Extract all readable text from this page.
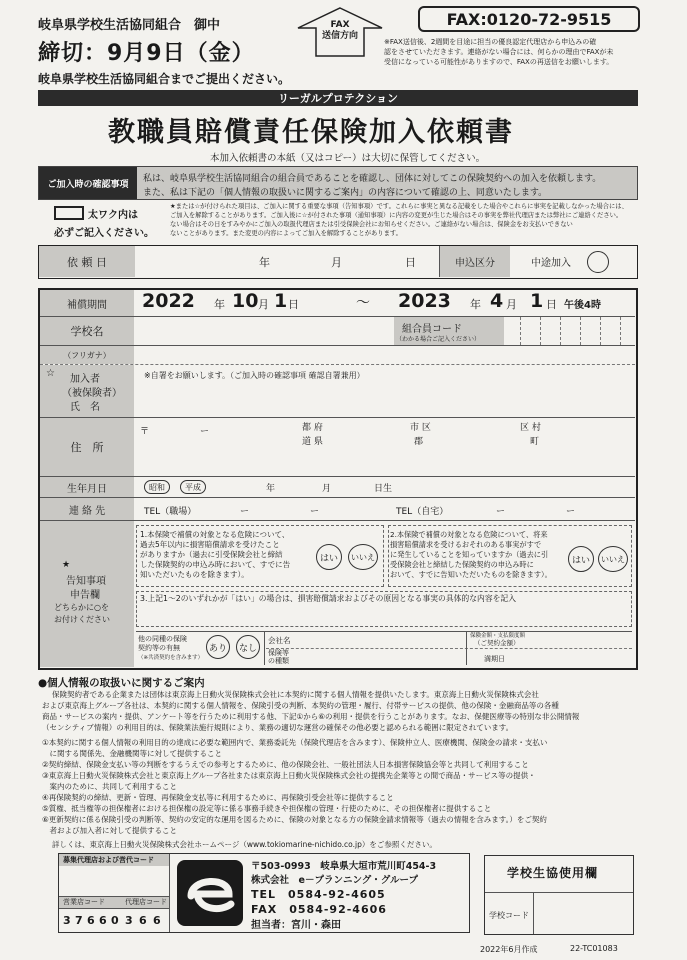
岐阜県学校生活協同組合　御中
締切：9月9日（金）
岐阜県学校生活協同組合までご提出ください。
FAX
送信方向
FAX:0120-72-9515
※FAX送信後、2週間を目途に担当の優良認定代理店から申込みの確
認をさせていただきます。連絡がない場合には、何らかの理由でFAXが未
受信になっている可能性がありますので、FAXの再送信をお願いします。
リーガルプロテクション
教職員賠償責任保険加入依頼書
本加入依頼書の本紙（又はコピー）は大切に保管してください。
ご加入時の確認事項
私は、岐阜県学校生活協同組合の組合員であることを確認し、団体に対してこの保険契約への加入を依頼します。
また、私は下記の「個人情報の取扱いに関するご案内」の内容について確認の上、同意いたします。
太ワク内は
必ずご記入ください。
★または☆が付けられた項目は、ご加入に関する重要な事項（告知事項）です。これらに事実と異なる記載をした場合やこれらに事実を記載しなかった場合には、
ご加入を解除することがあります。ご加入後に☆が付された事項（通知事項）に内容の変更が生じた場合はその事実を弊社代理店または弊社にご連絡ください。
ない場合はその日をすみやかにご加入の取扱代理店または引受保険会社にお知らせください。ご連絡がない場合は、保険金をお支払いできない
ないことがあります。また変更の内容によってご加入を解除することがあります。
依 頼 日	年	月	日	申込区分	中途加入
補償期間	2022 年 10 月 1 日	〜 2023 年 4 月 1 日 午後4時
学校名	組合員コード
（わかる場合ご記入ください）
（フリガナ）
☆
加入者
（被保険者）
氏　名
※自署をお願いします。（ご加入時の確認事項 確認自署兼用）
住　所
〒	ー	都 府
道 県
市 区
郡
区 村
町
生年月日	昭和	平成	年	月	日生
連 絡 先	TEL（職場）	ー	ー	TEL（自宅）	ー	ー
★
告知事項
申告欄
どちらかに○を
お付けください
1.本保険で補償の対象となる危険について、
過去5年以内に損害賠償請求を受けたこと
がありますか（過去に引受保険会社と締結
した保険契約の申込み時において、すでに告
知いただいたものを除きます）。
はい	いいえ
2.本保険で補償の対象となる危険について、将来
損害賠償請求を受けるおそれのある事実がすで
に発生していることを知っていますか（過去に引
受保険会社と締結した保険契約の申込み時に
おいて、すでに告知いただいたものを除きます）。
はい	いいえ
3.上記1〜2のいずれかが「はい」の場合は、損害賠償請求およびその原因となる事実の具体的な内容を記入
他の同種の保険
契約等の有無
（※共済契約を含みます）
あり	なし
会社名
保険等
の種類
保険金額・支払限度額
（ご契約金額）
満期日
●個人情報の取扱いに関するご案内
保険契約者である企業または団体は東京海上日動火災保険株式会社に本契約に関する個人情報を提供いたします。東京海上日動火災保険株式会社
および東京海上グループ各社は、本契約に関する個人情報を、保険引受の判断、本契約の管理・履行、付帯サービスの提供、他の保険・金融商品等の各種
商品・サービスの案内・提供、アンケート等を行うために利用する他、下記①から⑥の利用・提供を行うことがあります。なお、保健医療等の特別な非公開情報
（センシティブ情報）の利用目的は、保険業法施行規則により、業務の適切な運営の確保その他必要と認められる範囲に限定されています。
①本契約に関する個人情報の利用目的の達成に必要な範囲内で、業務委託先（保険代理店を含みます）、保険仲立人、医療機関、保険金の請求・支払い
　に関する関係先、金融機関等に対して提供すること
②契約締結、保険金支払い等の判断をするうえでの参考とするために、他の保険会社、一般社団法人日本損害保険協会等と共同して利用すること
③東京海上日動火災保険株式会社と東京海上グループ各社または東京海上日動火災保険株式会社の提携先企業等との間で商品・サービス等の提供・
　案内のために、共同して利用すること
④再保険契約の締結、更新・管理、再保険金支払等に利用するために、再保険引受会社等に提供すること
⑤質権、抵当権等の担保権者における担保権の設定等に係る事務手続きや担保権の管理・行使のために、その担保権者に提供すること
⑥更新契約に係る保険引受の判断等、契約の安定的な運用を図るために、保険の対象となる方の保険金請求情報等（過去の情報を含みます。）をご契約
　者および加入者に対して提供すること
詳しくは、東京海上日動火災保険株式会社ホームページ（www.tokiomarine-nichido.co.jp）をご参照ください。
募集代理店および営代コード
営業店コード	代理店コード
3 7 6 6 0 3 6 6
〒503-0993　岐阜県大垣市荒川町454-3
株式会社　e－プランニング・グループ
TEL　0584-92-4605
FAX　0584-92-4606
担当者：宮川・森田
学校生協使用欄
学校コード
2022年6月作成	22-TC01083
